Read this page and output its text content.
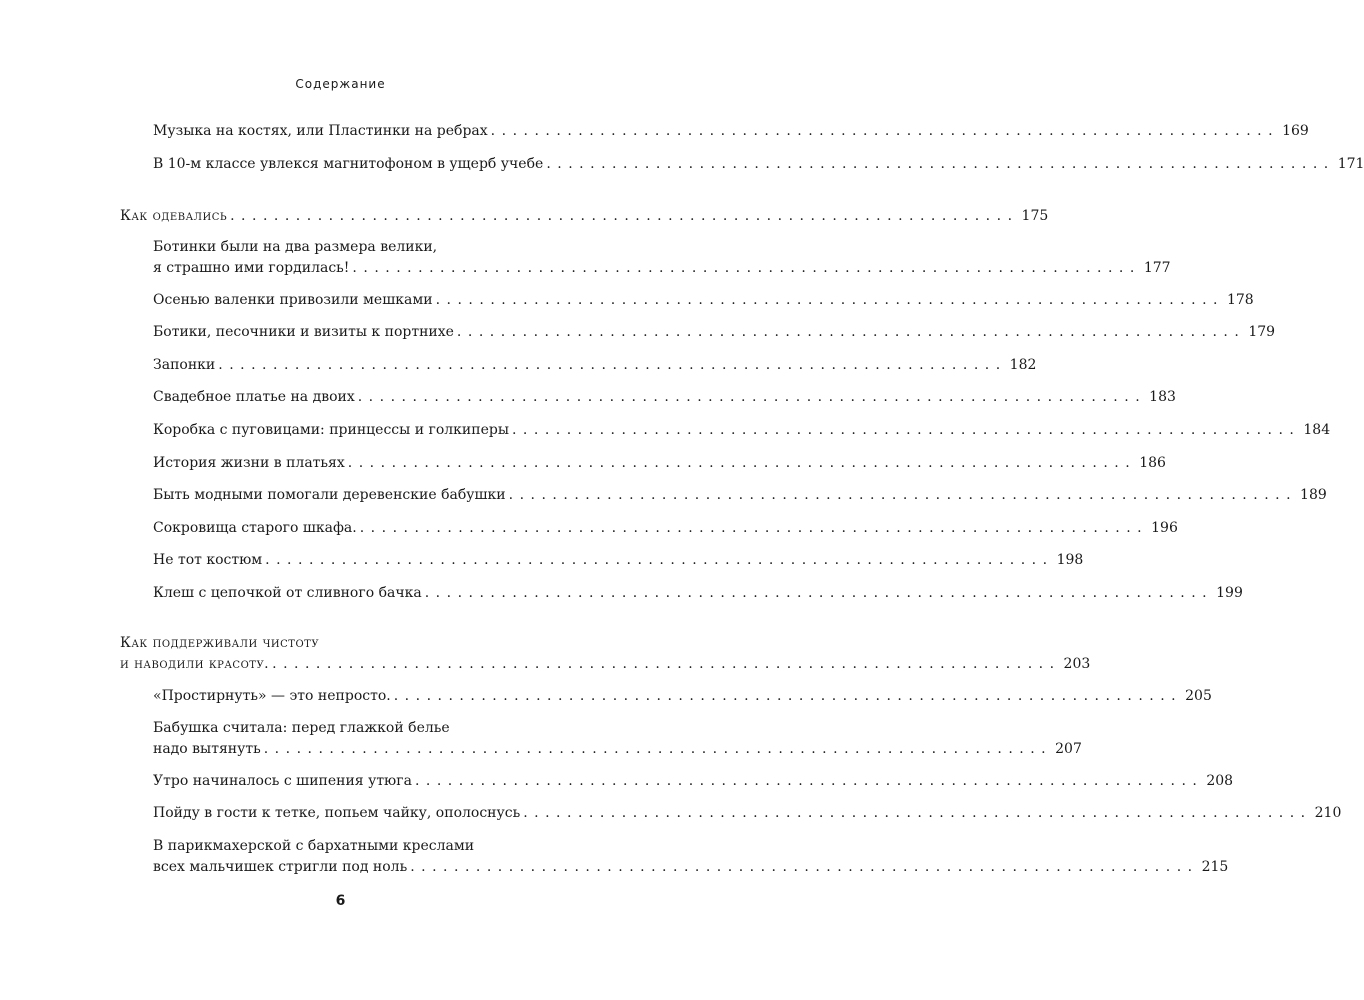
Содержание
Музыка на костях, или Пластинки на ребрах ........................................................................ 169
В 10-м классе увлекся магнитофоном в ущерб учебе ........................................................................ 171
Как одевались ........................................................................ 175
Ботинки были на два размера велики,
я страшно ими гордилась! ........................................................................ 177
Осенью валенки привозили мешками ........................................................................ 178
Ботики, песочники и визиты к портнихе ........................................................................ 179
Запонки ........................................................................ 182
Свадебное платье на двоих ........................................................................ 183
Коробка с пуговицами: принцессы и голкиперы ........................................................................ 184
История жизни в платьях ........................................................................ 186
Быть модными помогали деревенские бабушки ........................................................................ 189
Сокровища старого шкафа. ........................................................................ 196
Не тот костюм ........................................................................ 198
Клеш с цепочкой от сливного бачка ........................................................................ 199
Как поддерживали чистоту
и наводили красоту. ........................................................................ 203
«Простирнуть» — это непросто. ........................................................................ 205
Бабушка считала: перед глажкой белье
надо вытянуть ........................................................................ 207
Утро начиналось с шипения утюга ........................................................................ 208
Пойду в гости к тетке, попьем чайку, ополоснусь ........................................................................ 210
В парикмахерской с бархатными креслами
всех мальчишек стригли под ноль ........................................................................ 215
6
